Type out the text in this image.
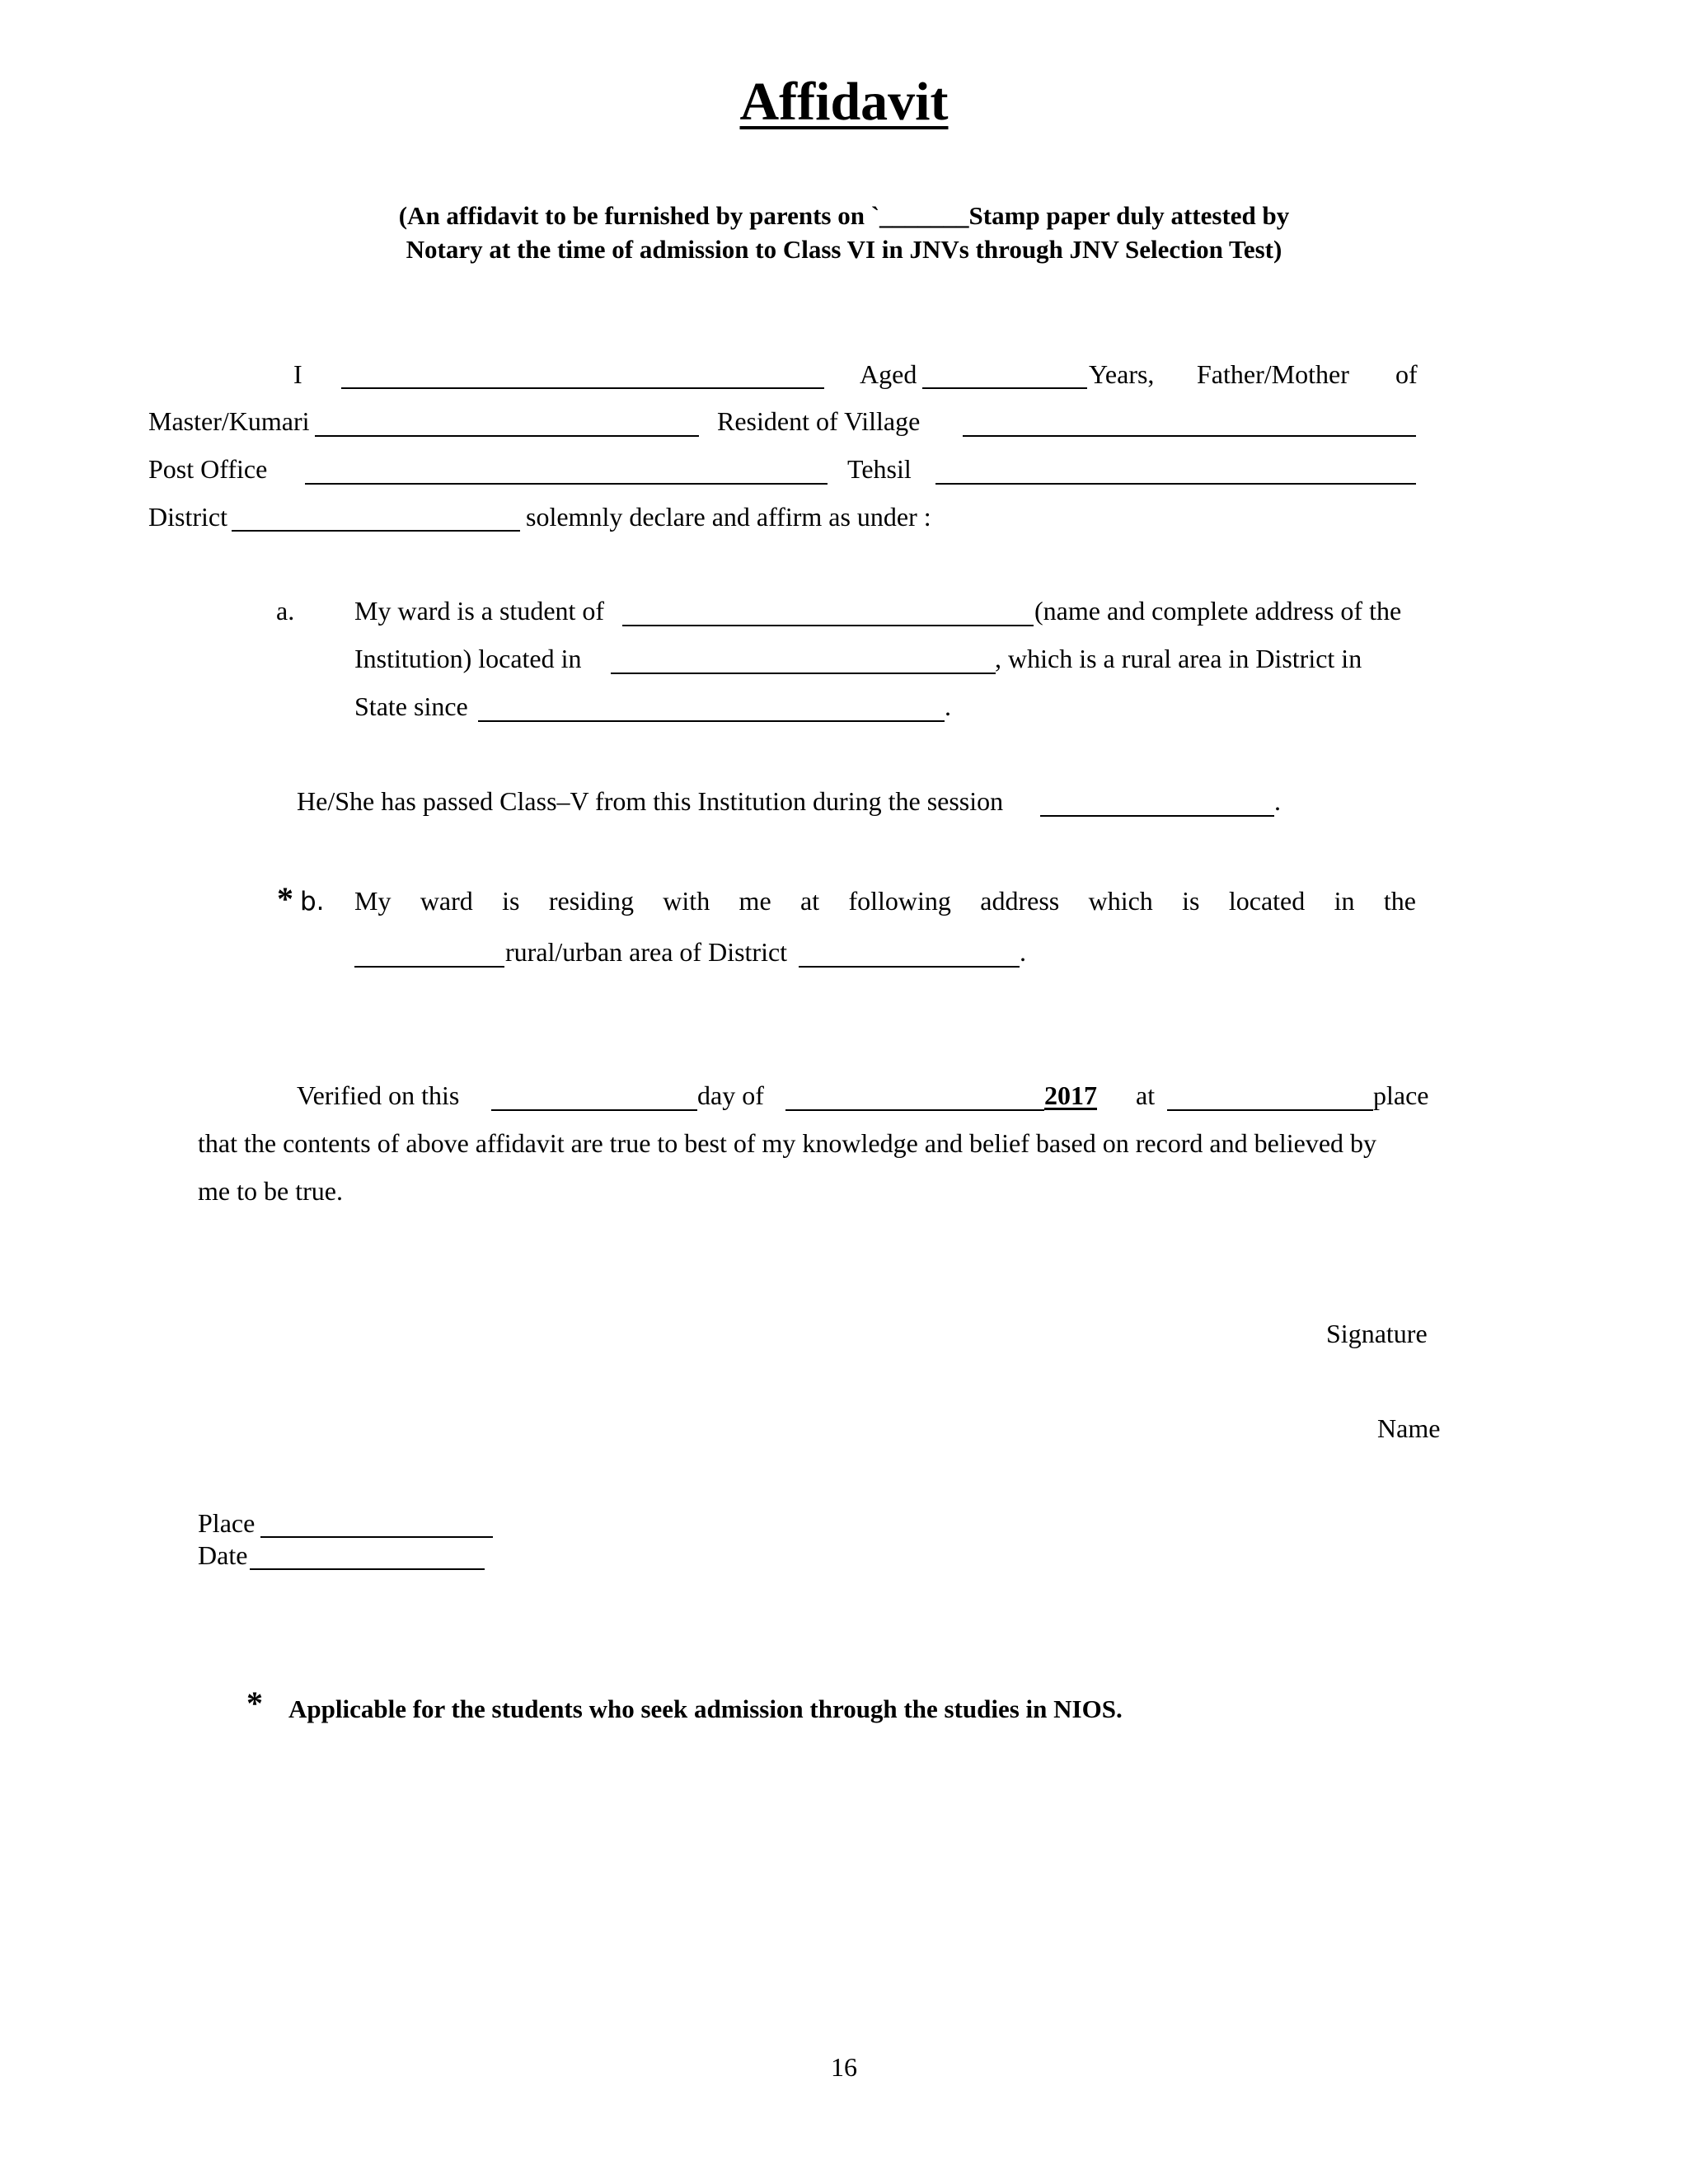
Affidavit
(An affidavit to be furnished by parents on `_______Stamp paper duly attested by
Notary at the time of admission to Class VI in JNVs through JNV Selection Test)
I	Aged	Years, Father/Mother of
Master/Kumari	Resident of Village
Post Office	Tehsil
District	solemnly declare and affirm as under :
a. My ward is a student of	(name and complete address of the
Institution) located in	, which is a rural area in District in
State since	.
He/She has passed Class–V from this Institution during the session	.
* b. My ward is residing with me at following address which is located in the
rural/urban area of District	.
Verified on this	day of	2017 at	place
that the contents of above affidavit are true to best of my knowledge and belief based on record and believed by
me to be true.
Signature
Name
Place
Date
* Applicable for the students who seek admission through the studies in NIOS.
16
